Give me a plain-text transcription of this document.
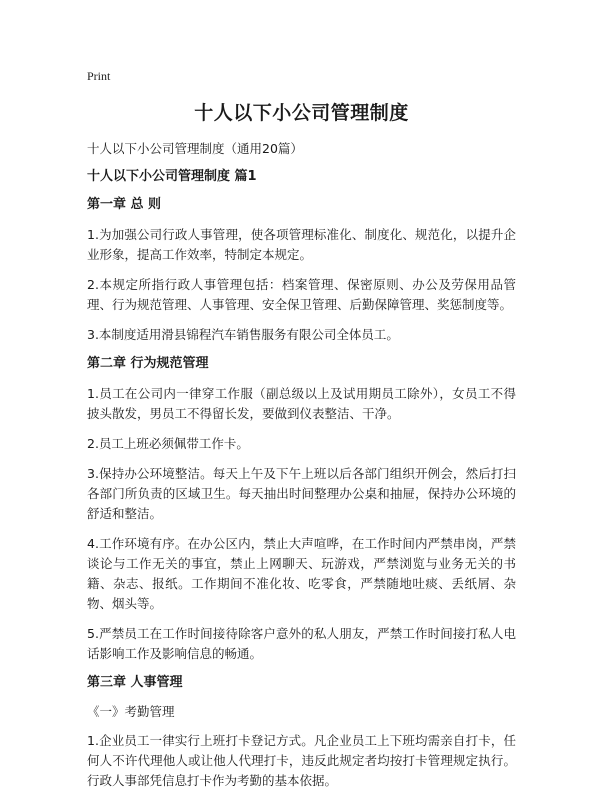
Print
十人以下小公司管理制度
十人以下小公司管理制度（通用20篇）
十人以下小公司管理制度 篇1
第一章 总 则
1.为加强公司行政人事管理，使各项管理标准化、制度化、规范化，以提升企业形象，提高工作效率，特制定本规定。
2.本规定所指行政人事管理包括：档案管理、保密原则、办公及劳保用品管理、行为规范管理、人事管理、安全保卫管理、后勤保障管理、奖惩制度等。
3.本制度适用滑县锦程汽车销售服务有限公司全体员工。
第二章 行为规范管理
1.员工在公司内一律穿工作服（副总级以上及试用期员工除外），女员工不得披头散发，男员工不得留长发，要做到仪表整洁、干净。
2.员工上班必须佩带工作卡。
3.保持办公环境整洁。每天上午及下午上班以后各部门组织开例会，然后打扫各部门所负责的区域卫生。每天抽出时间整理办公桌和抽屉，保持办公环境的舒适和整洁。
4.工作环境有序。在办公区内，禁止大声喧哗，在工作时间内严禁串岗，严禁谈论与工作无关的事宜，禁止上网聊天、玩游戏，严禁浏览与业务无关的书籍、杂志、报纸。工作期间不准化妆、吃零食，严禁随地吐痰、丢纸屑、杂物、烟头等。
5.严禁员工在工作时间接待除客户意外的私人朋友，严禁工作时间接打私人电话影响工作及影响信息的畅通。
第三章 人事管理
《一》考勤管理
1.企业员工一律实行上班打卡登记方式。凡企业员工上下班均需亲自打卡，任何人不许代理他人或让他人代理打卡，违反此规定者均按打卡管理规定执行。行政人事部凭信息打卡作为考勤的基本依据。
